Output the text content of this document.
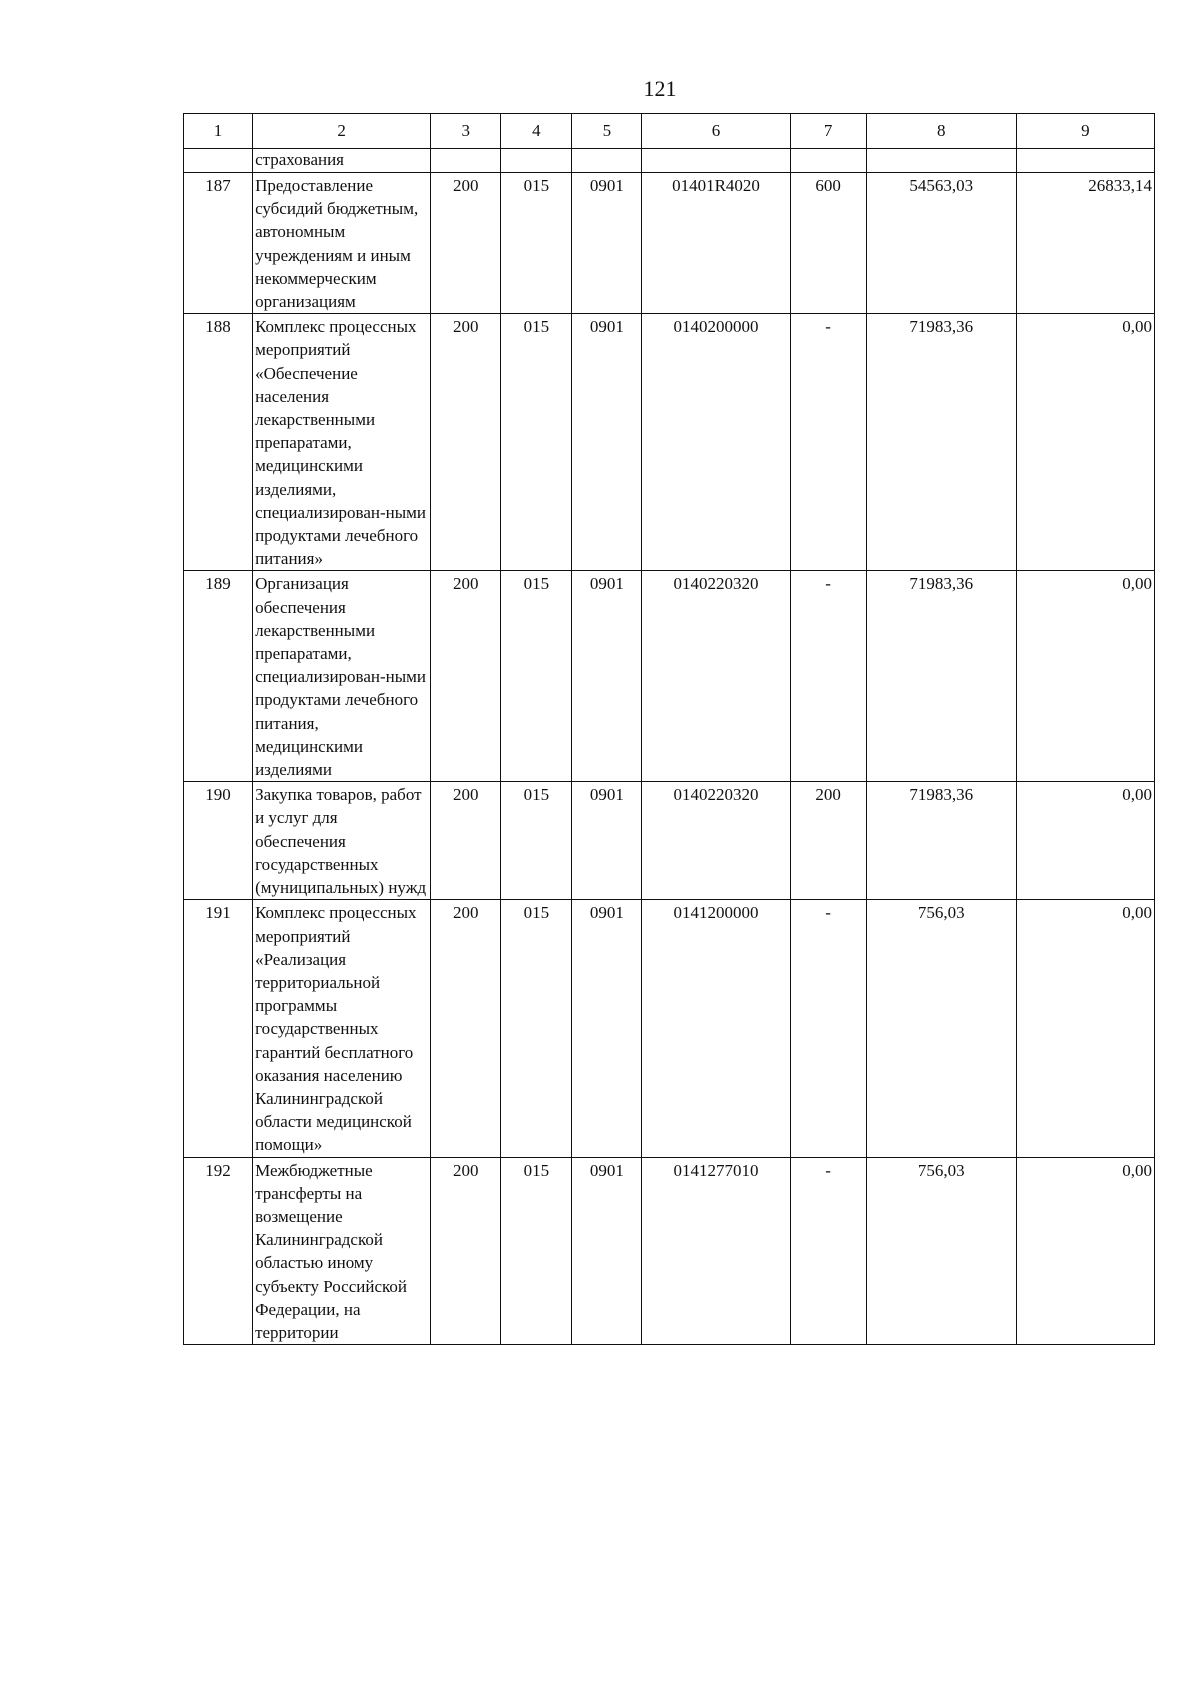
121
1	2	3	4	5	6	7	8	9
	страхования							
187	Предоставление субсидий бюджетным, автономным учреждениям и иным некоммерческим организациям	200	015	0901	01401R4020	600	54563,03	26833,14
188	Комплекс процессных мероприятий «Обеспечение населения лекарственными препаратами, медицинскими изделиями, специализирован-ными продуктами лечебного питания»	200	015	0901	0140200000	-	71983,36	0,00
189	Организация обеспечения лекарственными препаратами, специализирован-ными продуктами лечебного питания, медицинскими изделиями	200	015	0901	0140220320	-	71983,36	0,00
190	Закупка товаров, работ и услуг для обеспечения государственных (муниципальных) нужд	200	015	0901	0140220320	200	71983,36	0,00
191	Комплекс процессных мероприятий «Реализация территориальной программы государственных гарантий бесплатного оказания населению Калининградской области медицинской помощи»	200	015	0901	0141200000	-	756,03	0,00
192	Межбюджетные трансферты на возмещение Калининградской областью иному субъекту Российской Федерации, на территории	200	015	0901	0141277010	-	756,03	0,00
